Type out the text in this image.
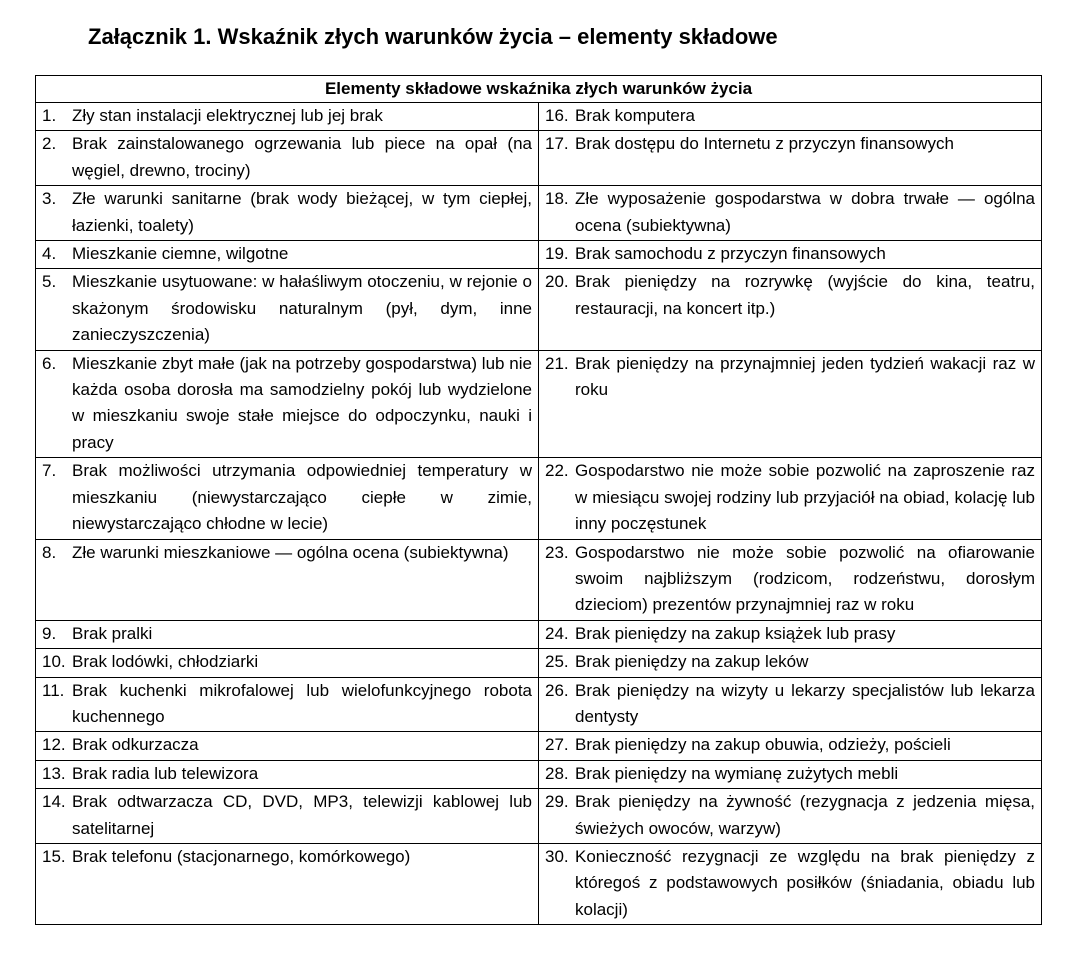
Załącznik 1. Wskaźnik złych warunków życia – elementy składowe
Elementy składowe wskaźnika złych warunków życia	

1. Zły stan instalacji elektrycznej lub jej brak	16. Brak komputera

2. Brak zainstalowanego ogrzewania lub piece na opał (na węgiel, drewno, trociny)	17. Brak dostępu do Internetu z przyczyn finansowych

3. Złe warunki sanitarne (brak wody bieżącej, w tym ciepłej, łazienki, toalety)	18. Złe wyposażenie gospodarstwa w dobra trwałe — ogólna ocena (subiektywna)

4. Mieszkanie ciemne, wilgotne	19. Brak samochodu z przyczyn finansowych

5. Mieszkanie usytuowane: w hałaśliwym otoczeniu, w rejonie o skażonym środowisku naturalnym (pył, dym, inne zanieczyszczenia)	20. Brak pieniędzy na rozrywkę (wyjście do kina, teatru, restauracji, na koncert itp.)

6. Mieszkanie zbyt małe (jak na potrzeby gospodarstwa) lub nie każda osoba dorosła ma samodzielny pokój lub wydzielone w mieszkaniu swoje stałe miejsce do odpoczynku, nauki i pracy	21. Brak pieniędzy na przynajmniej jeden tydzień wakacji raz w roku

7. Brak możliwości utrzymania odpowiedniej temperatury w mieszkaniu (niewystarczająco ciepłe w zimie, niewystarczająco chłodne w lecie)	22. Gospodarstwo nie może sobie pozwolić na zaproszenie raz w miesiącu swojej rodziny lub przyjaciół na obiad, kolację lub inny poczęstunek

8. Złe warunki mieszkaniowe — ogólna ocena (subiektywna)	23. Gospodarstwo nie może sobie pozwolić na ofiarowanie swoim najbliższym (rodzicom, rodzeństwu, dorosłym dzieciom) prezentów przynajmniej raz w roku

9. Brak pralki	24. Brak pieniędzy na zakup książek lub prasy

10. Brak lodówki, chłodziarki	25. Brak pieniędzy na zakup leków

11. Brak kuchenki mikrofalowej lub wielofunkcyjnego robota kuchennego	26. Brak pieniędzy na wizyty u lekarzy specjalistów lub lekarza dentysty

12. Brak odkurzacza	27. Brak pieniędzy na zakup obuwia, odzieży, pościeli

13. Brak radia lub telewizora	28. Brak pieniędzy na wymianę zużytych mebli

14. Brak odtwarzacza CD, DVD, MP3, telewizji kablowej lub satelitarnej	29. Brak pieniędzy na żywność (rezygnacja z jedzenia mięsa, świeżych owoców, warzyw)

15. Brak telefonu (stacjonarnego, komórkowego)	30. Konieczność rezygnacji ze względu na brak pieniędzy z któregoś z podstawowych posiłków (śniadania, obiadu lub kolacji)
